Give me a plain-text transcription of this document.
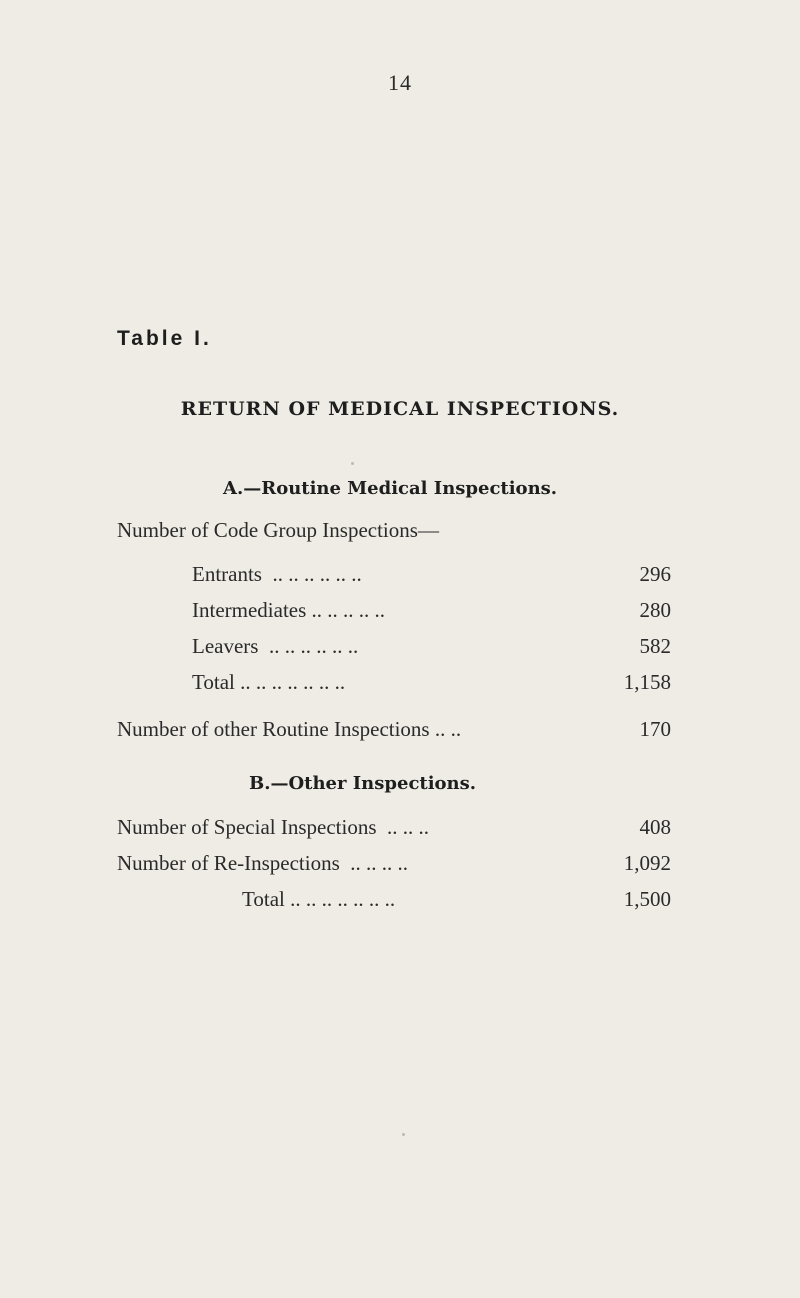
14
Table I.
RETURN OF MEDICAL INSPECTIONS.
A.—Routine Medical Inspections.
Number of Code Group Inspections—
Entrants  .. .. .. .. .. ..	296
Intermediates .. .. .. .. ..	280
Leavers  .. .. .. .. .. ..	582
Total .. .. .. .. .. .. ..	1,158
Number of other Routine Inspections .. ..	170
B.—Other Inspections.
Number of Special Inspections  .. .. ..	408
Number of Re-Inspections  .. .. .. ..	1,092
Total .. .. .. .. .. .. ..	1,500
